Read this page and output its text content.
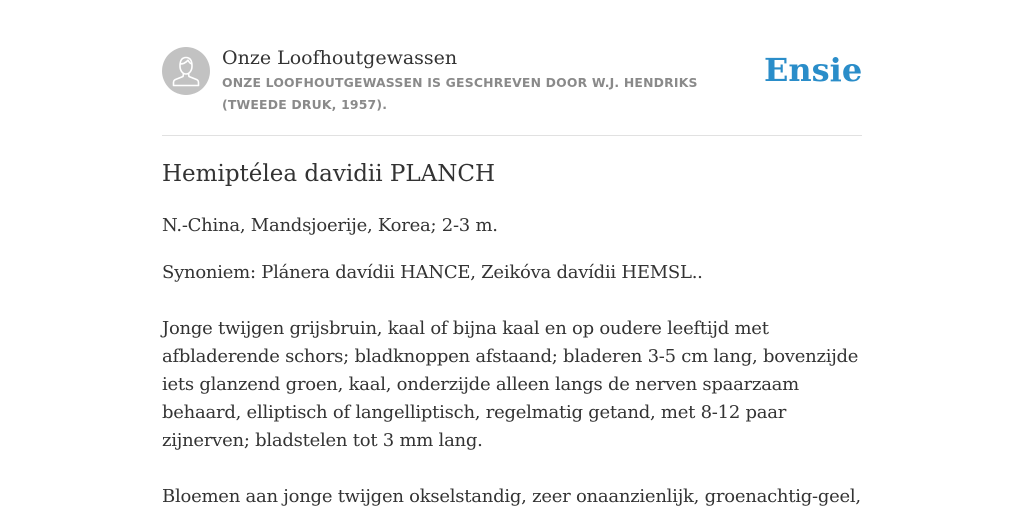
Onze Loofhoutgewassen
ONZE LOOFHOUTGEWASSEN IS GESCHREVEN DOOR W.J. HENDRIKS (TWEEDE DRUK, 1957).
Ensie
Hemiptélea davidii PLANCH

N.-China, Mandsjoerije, Korea; 2-3 m.

Synoniem: Plánera davídii HANCE, Zeikóva davídii HEMSL..

Jonge twijgen grijsbruin, kaal of bijna kaal en op oudere leeftijd met afbladerende schors; bladknoppen afstaand; bladeren 3-5 cm lang, bovenzijde iets glanzend groen, kaal, onderzijde alleen langs de nerven spaarzaam behaard, elliptisch of langelliptisch, regelmatig getand, met 8-12 paar zijnerven; bladstelen tot 3 mm lang.

Bloemen aan jonge twijgen okselstandig, zeer onaanzienlijk, groenachtig-geel,
